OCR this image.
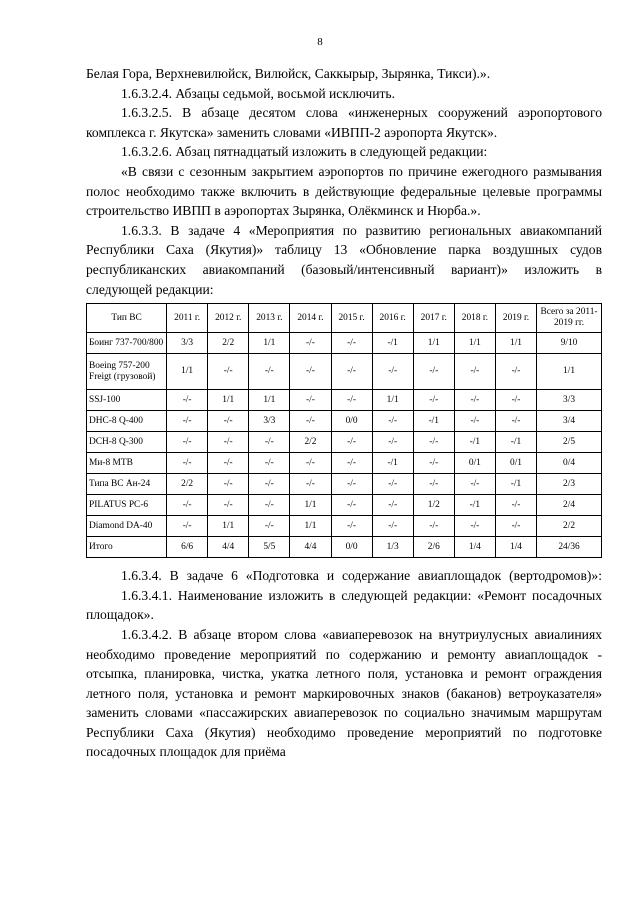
8

Белая Гора, Верхневилюйск, Вилюйск, Саккырыр, Зырянка, Тикси).».

1.6.3.2.4. Абзацы седьмой, восьмой исключить.

1.6.3.2.5. В абзаце десятом слова «инженерных сооружений аэропортового комплекса г. Якутска» заменить словами «ИВПП-2 аэропорта Якутск».

1.6.3.2.6. Абзац пятнадцатый изложить в следующей редакции:

«В связи с сезонным закрытием аэропортов по причине ежегодного размывания полос необходимо также включить в действующие федеральные целевые программы строительство ИВПП в аэропортах Зырянка, Олёкминск и Нюрба.».

1.6.3.3. В задаче 4 «Мероприятия по развитию региональных авиакомпаний Республики Саха (Якутия)» таблицу 13 «Обновление парка воздушных судов республиканских авиакомпаний (базовый/интенсивный вариант)» изложить в следующей редакции:

Тип ВС	2011 г.	2012 г.	2013 г.	2014 г.	2015 г.	2016 г.	2017 г.	2018 г.	2019 г.	Всего за 2011-2019 гг.
Боинг 737-700/800	3/3	2/2	1/1	-/-	-/-	-/1	1/1	1/1	1/1	9/10
Boeing 757-200 Freigt (грузовой)	1/1	-/-	-/-	-/-	-/-	-/-	-/-	-/-	-/-	1/1
SSJ-100	-/-	1/1	1/1	-/-	-/-	1/1	-/-	-/-	-/-	3/3
DHC-8 Q-400	-/-	-/-	3/3	-/-	0/0	-/-	-/1	-/-	-/-	3/4
DCH-8 Q-300	-/-	-/-	-/-	2/2	-/-	-/-	-/-	-/1	-/1	2/5
Ми-8 МТВ	-/-	-/-	-/-	-/-	-/-	-/1	-/-	0/1	0/1	0/4
Типа ВС Ан-24	2/2	-/-	-/-	-/-	-/-	-/-	-/-	-/-	-/1	2/3
PILATUS PC-6	-/-	-/-	-/-	1/1	-/-	-/-	1/2	-/1	-/-	2/4
Diamond DA-40	-/-	1/1	-/-	1/1	-/-	-/-	-/-	-/-	-/-	2/2
Итого	6/6	4/4	5/5	4/4	0/0	1/3	2/6	1/4	1/4	24/36

1.6.3.4. В задаче 6 «Подготовка и содержание авиаплощадок (вертодромов)»:

1.6.3.4.1. Наименование изложить в следующей редакции: «Ремонт посадочных площадок».

1.6.3.4.2. В абзаце втором слова «авиаперевозок на внутриулусных авиалиниях необходимо проведение мероприятий по содержанию и ремонту авиаплощадок - отсыпка, планировка, чистка, укатка летного поля, установка и ремонт ограждения летного поля, установка и ремонт маркировочных знаков (баканов) ветроуказателя» заменить словами «пассажирских авиаперевозок по социально значимым маршрутам Республики Саха (Якутия) необходимо проведение мероприятий по подготовке посадочных площадок для приёма
